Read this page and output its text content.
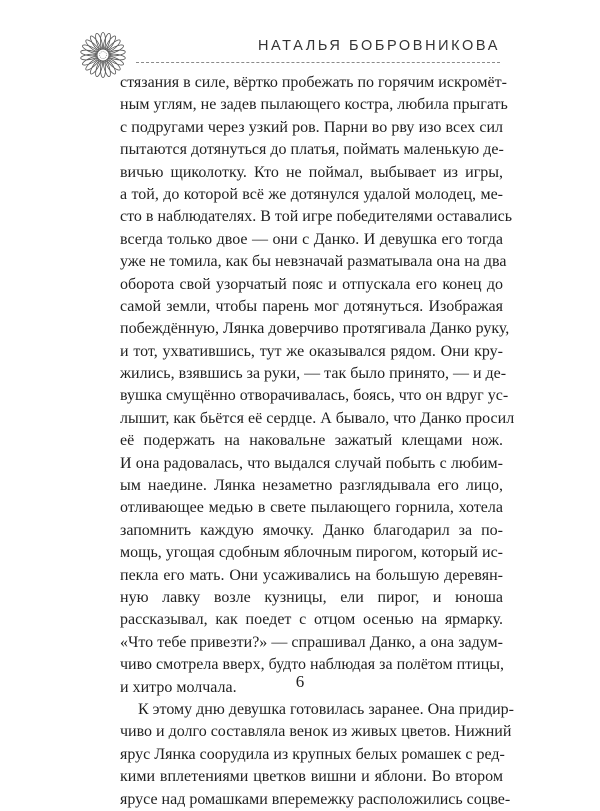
НАТАЛЬЯ БОБРОВНИКОВА
стязания в силе, вёртко пробежать по горячим искромёт-
ным углям, не задев пылающего костра, любила прыгать
с подругами через узкий ров. Парни во рву изо всех сил
пытаются дотянуться до платья, поймать маленькую де-
вичью щиколотку. Кто не поймал, выбывает из игры,
а той, до которой всё же дотянулся удалой молодец, ме-
сто в наблюдателях. В той игре победителями оставались
всегда только двое — они с Данко. И девушка его тогда
уже не томила, как бы невзначай разматывала она на два
оборота свой узорчатый пояс и отпускала его конец до
самой земли, чтобы парень мог дотянуться. Изображая
побеждённую, Лянка доверчиво протягивала Данко руку,
и тот, ухватившись, тут же оказывался рядом. Они кру-
жились, взявшись за руки, — так было принято, — и де-
вушка смущённо отворачивалась, боясь, что он вдруг ус-
лышит, как бьётся её сердце. А бывало, что Данко просил
её подержать на наковальне зажатый клещами нож.
И она радовалась, что выдался случай побыть с любим-
ым наедине. Лянка незаметно разглядывала его лицо,
отливающее медью в свете пылающего горнила, хотела
запомнить каждую ямочку. Данко благодарил за по-
мощь, угощая сдобным яблочным пирогом, который ис-
пекла его мать. Они усаживались на большую деревян-
ную лавку возле кузницы, ели пирог, и юноша
рассказывал, как поедет с отцом осенью на ярмарку.
«Что тебе привезти?» — спрашивал Данко, а она задум-
чиво смотрела вверх, будто наблюдая за полётом птицы,
и хитро молчала.
К этому дню девушка готовилась заранее. Она придир-
чиво и долго составляла венок из живых цветов. Нижний
ярус Лянка соорудила из крупных белых ромашек с ред-
кими вплетениями цветков вишни и яблони. Во втором
ярусе над ромашками вперемежку расположились соцве-
6
